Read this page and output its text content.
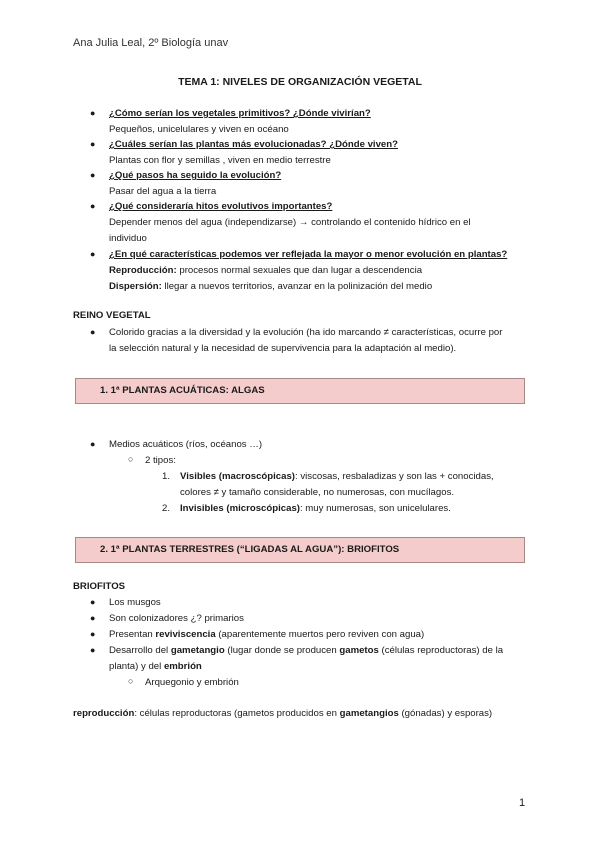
Ana Julia Leal, 2º Biología unav
TEMA 1: NIVELES DE ORGANIZACIÓN VEGETAL
● ¿Cómo serían los vegetales primitivos? ¿Dónde vivirían?
Pequeños, unicelulares y viven en océano
● ¿Cuáles serían las plantas más evolucionadas? ¿Dónde viven?
Plantas con flor y semillas , viven en medio terrestre
● ¿Qué pasos ha seguido la evolución?
Pasar del agua a la tierra
● ¿Qué consideraría hitos evolutivos importantes?
Depender menos del agua (independizarse) → controlando el contenido hídrico en el
individuo
● ¿En qué características podemos ver reflejada la mayor o menor evolución en plantas?
Reproducción: procesos normal sexuales que dan lugar a descendencia
Dispersión: llegar a nuevos territorios, avanzar en la polinización del medio
REINO VEGETAL
● Colorido gracias a la diversidad y la evolución (ha ido marcando ≠ características, ocurre por
la selección natural y la necesidad de supervivencia para la adaptación al medio).
1. 1ª PLANTAS ACUÁTICAS: ALGAS
● Medios acuáticos (ríos, océanos …)
○ 2 tipos:
1. Visibles (macroscópicas): viscosas, resbaladizas y son las + conocidas,
colores ≠ y tamaño considerable, no numerosas, con mucílagos.
2. Invisibles (microscópicas): muy numerosas, son unicelulares.
2. 1ª PLANTAS TERRESTRES (“LIGADAS AL AGUA”): BRIOFITOS
BRIOFITOS
● Los musgos
● Son colonizadores ¿? primarios
● Presentan reviviscencia (aparentemente muertos pero reviven con agua)
● Desarrollo del gametangio (lugar donde se producen gametos (células reproductoras) de la
planta) y del embrión
○ Arquegonio y embrión
reproducción: células reproductoras (gametos producidos en gametangios (gónadas) y esporas)
1
